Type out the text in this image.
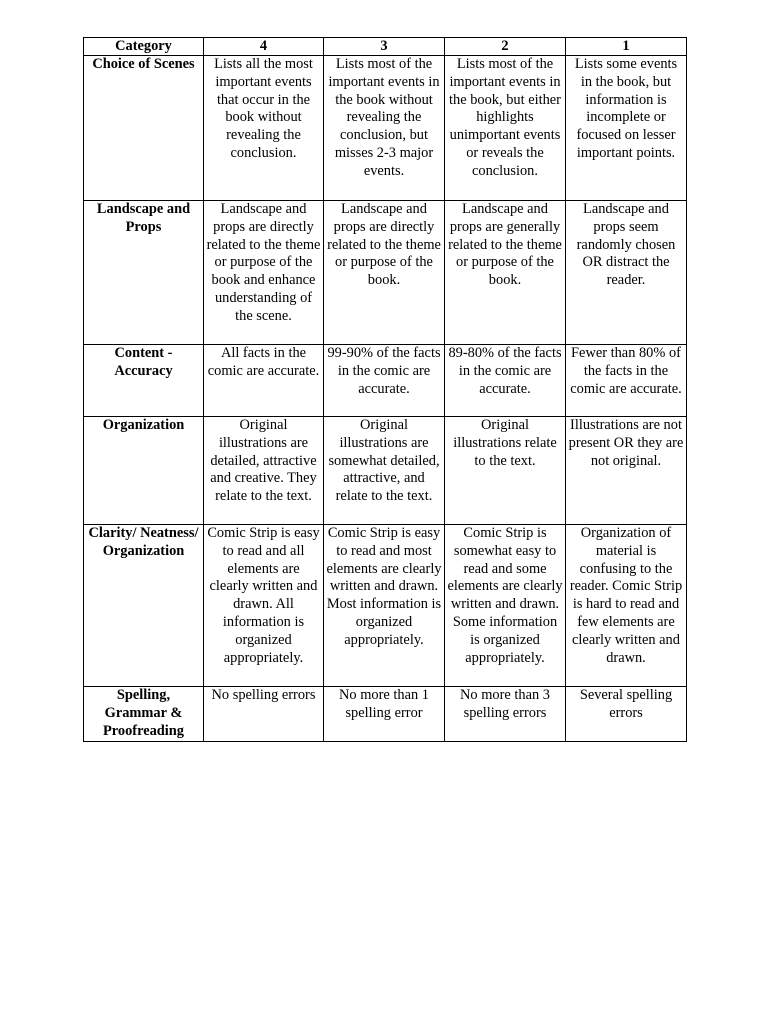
Category	4	3	2	1
Choice of Scenes	Lists all the most important events that occur in the book without revealing the conclusion.	Lists most of the important events in the book without revealing the conclusion, but misses 2-3 major events.	Lists most of the important events in the book, but either highlights unimportant events or reveals the conclusion.	Lists some events in the book, but information is incomplete or focused on lesser important points.
Landscape and Props	Landscape and props are directly related to the theme or purpose of the book and enhance understanding of the scene.	Landscape and props are directly related to the theme or purpose of the book.	Landscape and props are generally related to the theme or purpose of the book.	Landscape and props seem randomly chosen OR distract the reader.
Content - Accuracy	All facts in the comic are accurate.	99-90% of the facts in the comic are accurate.	89-80% of the facts in the comic are accurate.	Fewer than 80% of the facts in the comic are accurate.
Organization	Original illustrations are detailed, attractive and creative. They relate to the text.	Original illustrations are somewhat detailed, attractive, and relate to the text.	Original illustrations relate to the text.	Illustrations are not present OR they are not original.
Clarity/ Neatness/ Organization	Comic Strip is easy to read and all elements are clearly written and drawn. All information is organized appropriately.	Comic Strip is easy to read and most elements are clearly written and drawn. Most information is organized appropriately.	Comic Strip is somewhat easy to read and some elements are clearly written and drawn. Some information is organized appropriately.	Organization of material is confusing to the reader. Comic Strip is hard to read and few elements are clearly written and drawn.
Spelling, Grammar & Proofreading	No spelling errors	No more than 1 spelling error	No more than 3 spelling errors	Several spelling errors
